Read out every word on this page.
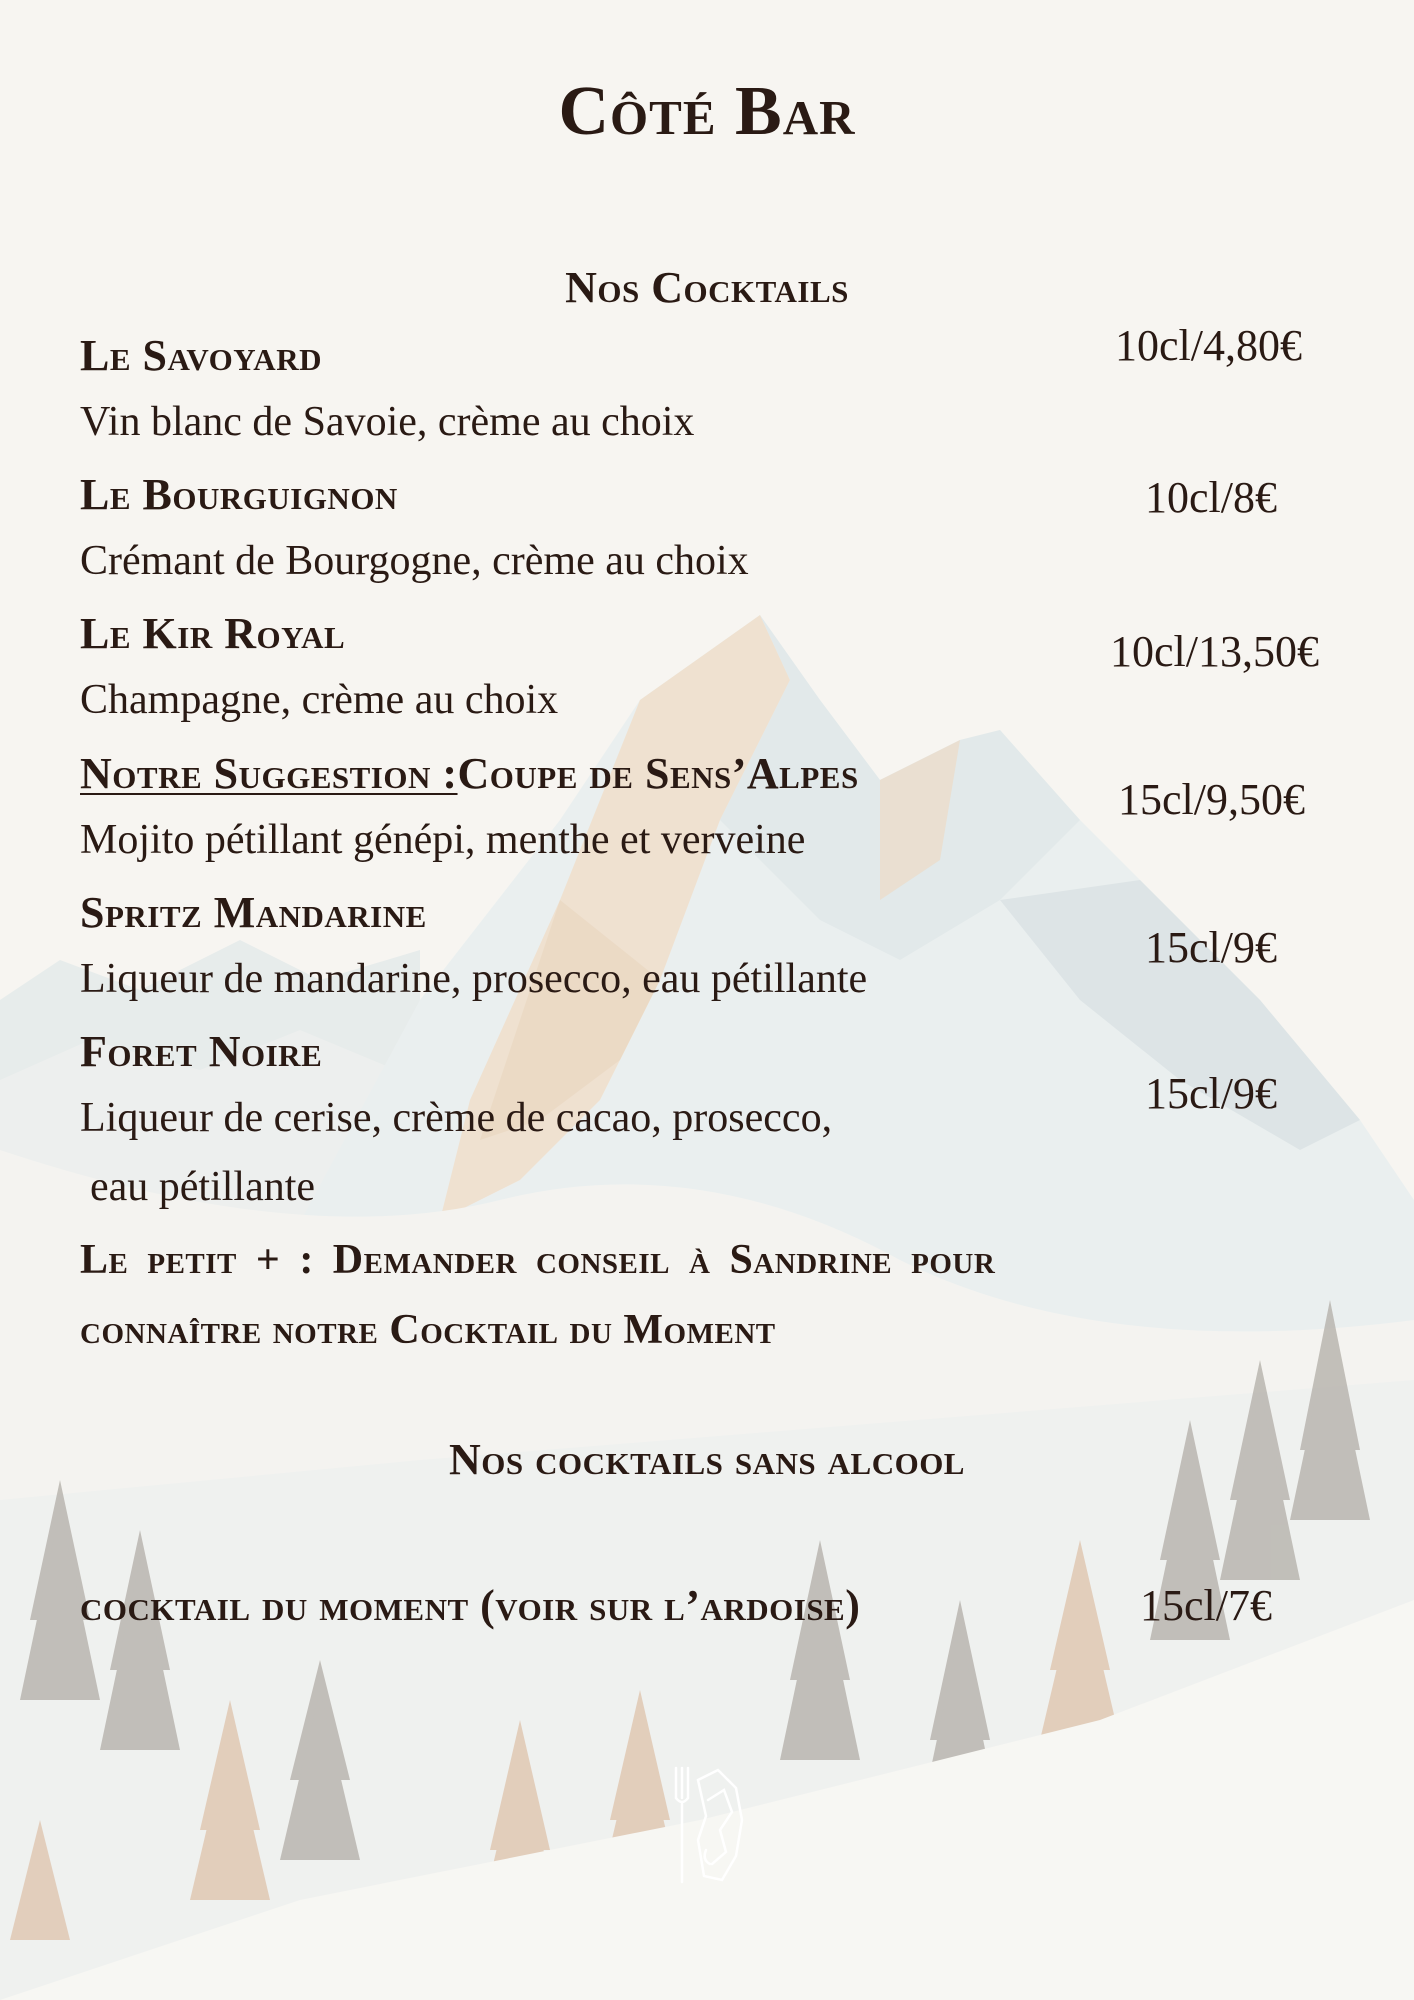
Côté Bar
Nos Cocktails
Le Savoyard
Vin blanc de Savoie, crème au choix
10cl/4,80€
Le Bourguignon
Crémant de Bourgogne, crème au choix
10cl/8€
Le Kir Royal
Champagne, crème au choix
10cl/13,50€
Notre Suggestion :Coupe de Sens’Alpes
Mojito pétillant génépi, menthe et verveine
15cl/9,50€
Spritz Mandarine
Liqueur de mandarine, prosecco, eau pétillante
15cl/9€
Foret Noire
Liqueur de cerise, crème de cacao, prosecco,
eau pétillante
15cl/9€
Le petit + : Demander conseil à Sandrine pour
connaître notre Cocktail du Moment
Nos cocktails sans alcool
cocktail du moment (voir sur l’ardoise)	15cl/7€
